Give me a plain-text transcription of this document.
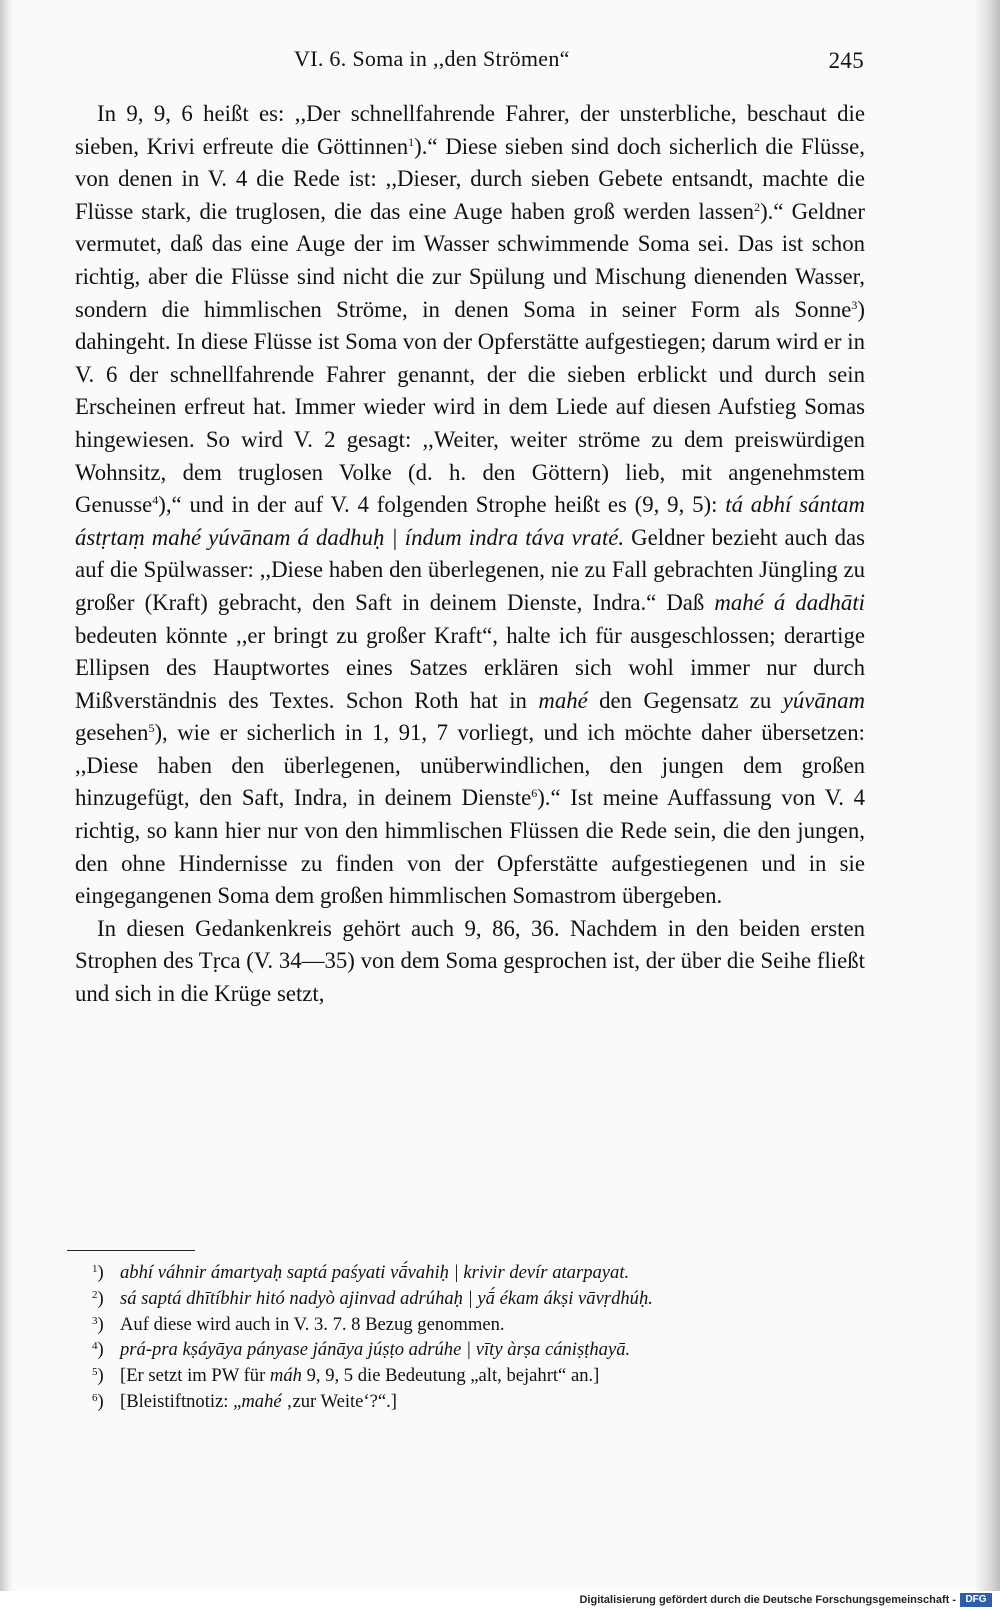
VI. 6. Soma in ,,den Strömen“	245

In 9, 9, 6 heißt es: ,,Der schnellfahrende Fahrer, der unsterbliche, beschaut die sieben, Krivi erfreute die Göttinnen$^1$).“ Diese sieben sind doch sicherlich die Flüsse, von denen in V. 4 die Rede ist: ,,Dieser, durch sieben Gebete entsandt, machte die Flüsse stark, die truglosen, die das eine Auge haben groß werden lassen$^2$).“ Geldner vermutet, daß das eine Auge der im Wasser schwimmende Soma sei. Das ist schon richtig, aber die Flüsse sind nicht die zur Spülung und Mischung dienenden Wasser, sondern die himmlischen Ströme, in denen Soma in seiner Form als Sonne$^3$) dahingeht. In diese Flüsse ist Soma von der Opferstätte aufgestiegen; darum wird er in V. 6 der schnellfahrende Fahrer genannt, der die sieben erblickt und durch sein Erscheinen erfreut hat. Immer wieder wird in dem Liede auf diesen Aufstieg Somas hingewiesen. So wird V. 2 gesagt: ,,Weiter, weiter ströme zu dem preiswürdigen Wohnsitz, dem truglosen Volke (d. h. den Göttern) lieb, mit angenehmstem Genusse$^4$),“ und in der auf V. 4 folgenden Strophe heißt es (9, 9, 5): tá abhí sántam ástṛtaṃ mahé yúvānam á dadhuḥ | índum indra táva vraté. Geldner bezieht auch das auf die Spülwasser: ,,Diese haben den überlegenen, nie zu Fall gebrachten Jüngling zu großer (Kraft) gebracht, den Saft in deinem Dienste, Indra.“ Daß mahé á dadhāti bedeuten könnte ,,er bringt zu großer Kraft“, halte ich für ausgeschlossen; derartige Ellipsen des Hauptwortes eines Satzes erklären sich wohl immer nur durch Mißverständnis des Textes. Schon Roth hat in mahé den Gegensatz zu yúvānam gesehen$^5$), wie er sicherlich in 1, 91, 7 vorliegt, und ich möchte daher übersetzen: ,,Diese haben den überlegenen, unüberwindlichen, den jungen dem großen hinzugefügt, den Saft, Indra, in deinem Dienste$^6$).“ Ist meine Auffassung von V. 4 richtig, so kann hier nur von den himmlischen Flüssen die Rede sein, die den jungen, den ohne Hindernisse zu finden von der Opferstätte aufgestiegenen und in sie eingegangenen Soma dem großen himmlischen Somastrom übergeben.

In diesen Gedankenkreis gehört auch 9, 86, 36. Nachdem in den beiden ersten Strophen des Tṛca (V. 34—35) von dem Soma gesprochen ist, der über die Seihe fließt und sich in die Krüge setzt,

$^1$) abhí váhnir ámartyaḥ saptá paśyati vā́vahiḥ | krivir devír atarpayat.
$^2$) sá saptá dhītíbhir hitó nadyò ajinvad adrúhaḥ | yā́ ékam ákṣi vāvṛdhúḥ.
$^3$) Auf diese wird auch in V. 3. 7. 8 Bezug genommen.
$^4$) prá-pra kṣáyāya pányase jánāya júṣṭo adrúhe | vīty àrṣa cániṣṭhayā.
$^5$) [Er setzt im PW für máh 9, 9, 5 die Bedeutung „alt, bejahrt“ an.]
$^6$) [Bleistiftnotiz: „mahé ‚zur Weite‘?“.]
Digitalisierung gefördert durch die Deutsche Forschungsgemeinschaft - DFG
